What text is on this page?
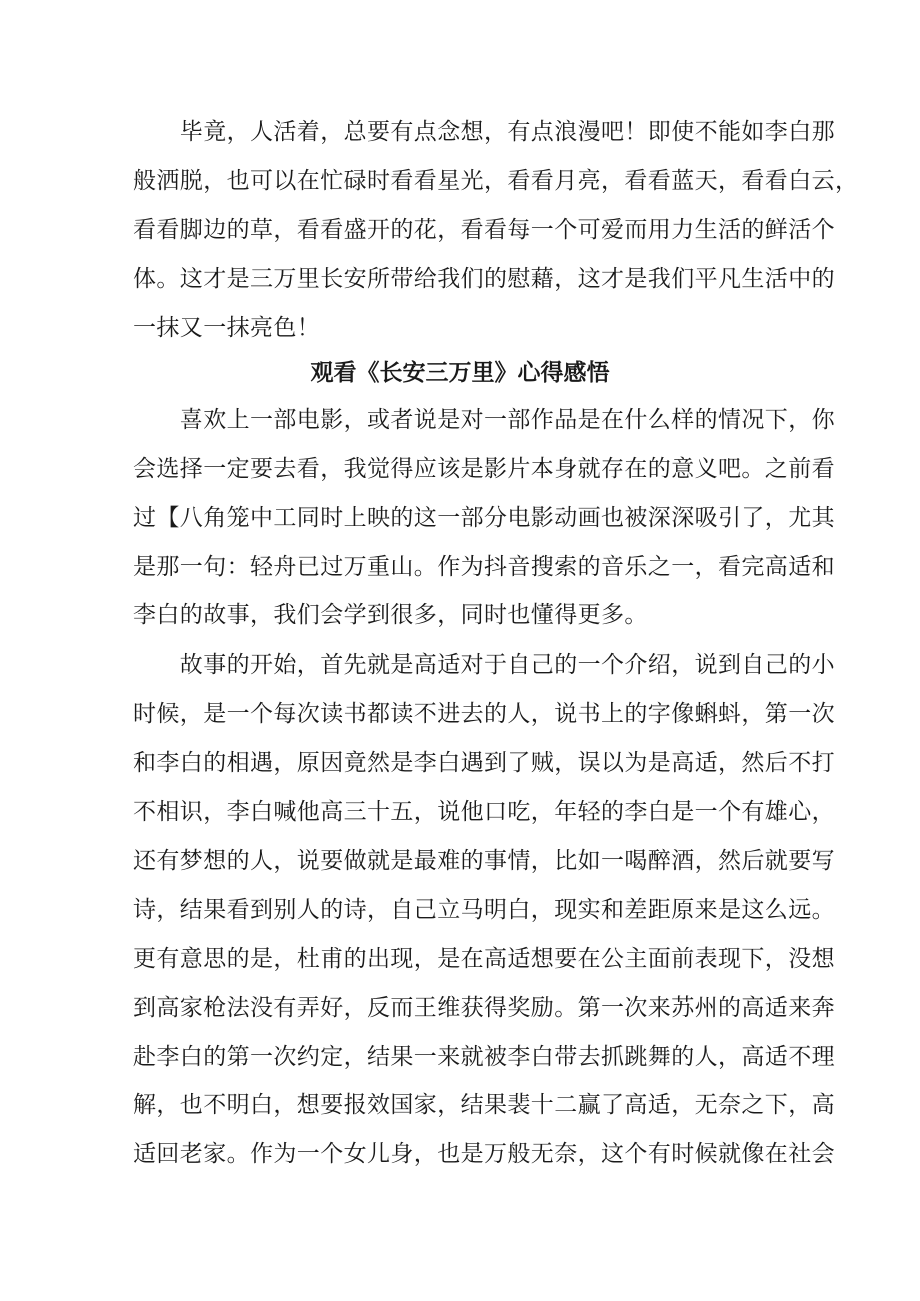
　　毕竟，人活着，总要有点念想，有点浪漫吧！即使不能如李白那
般洒脱，也可以在忙碌时看看星光，看看月亮，看看蓝天，看看白云，
看看脚边的草，看看盛开的花，看看每一个可爱而用力生活的鲜活个
体。这才是三万里长安所带给我们的慰藉，这才是我们平凡生活中的
一抹又一抹亮色！
观看《长安三万里》心得感悟
　　喜欢上一部电影，或者说是对一部作品是在什么样的情况下，你
会选择一定要去看，我觉得应该是影片本身就存在的意义吧。之前看
过【八角笼中工同时上映的这一部分电影动画也被深深吸引了，尤其
是那一句：轻舟已过万重山。作为抖音搜索的音乐之一，看完高适和
李白的故事，我们会学到很多，同时也懂得更多。
　　故事的开始，首先就是高适对于自己的一个介绍，说到自己的小
时候，是一个每次读书都读不进去的人，说书上的字像蝌蚪，第一次
和李白的相遇，原因竟然是李白遇到了贼，误以为是高适，然后不打
不相识，李白喊他高三十五，说他口吃，年轻的李白是一个有雄心，
还有梦想的人，说要做就是最难的事情，比如一喝醉酒，然后就要写
诗，结果看到别人的诗，自己立马明白，现实和差距原来是这么远。
更有意思的是，杜甫的出现，是在高适想要在公主面前表现下，没想
到高家枪法没有弄好，反而王维获得奖励。第一次来苏州的高适来奔
赴李白的第一次约定，结果一来就被李白带去抓跳舞的人，高适不理
解，也不明白，想要报效国家，结果裴十二赢了高适，无奈之下，高
适回老家。作为一个女儿身，也是万般无奈，这个有时候就像在社会
